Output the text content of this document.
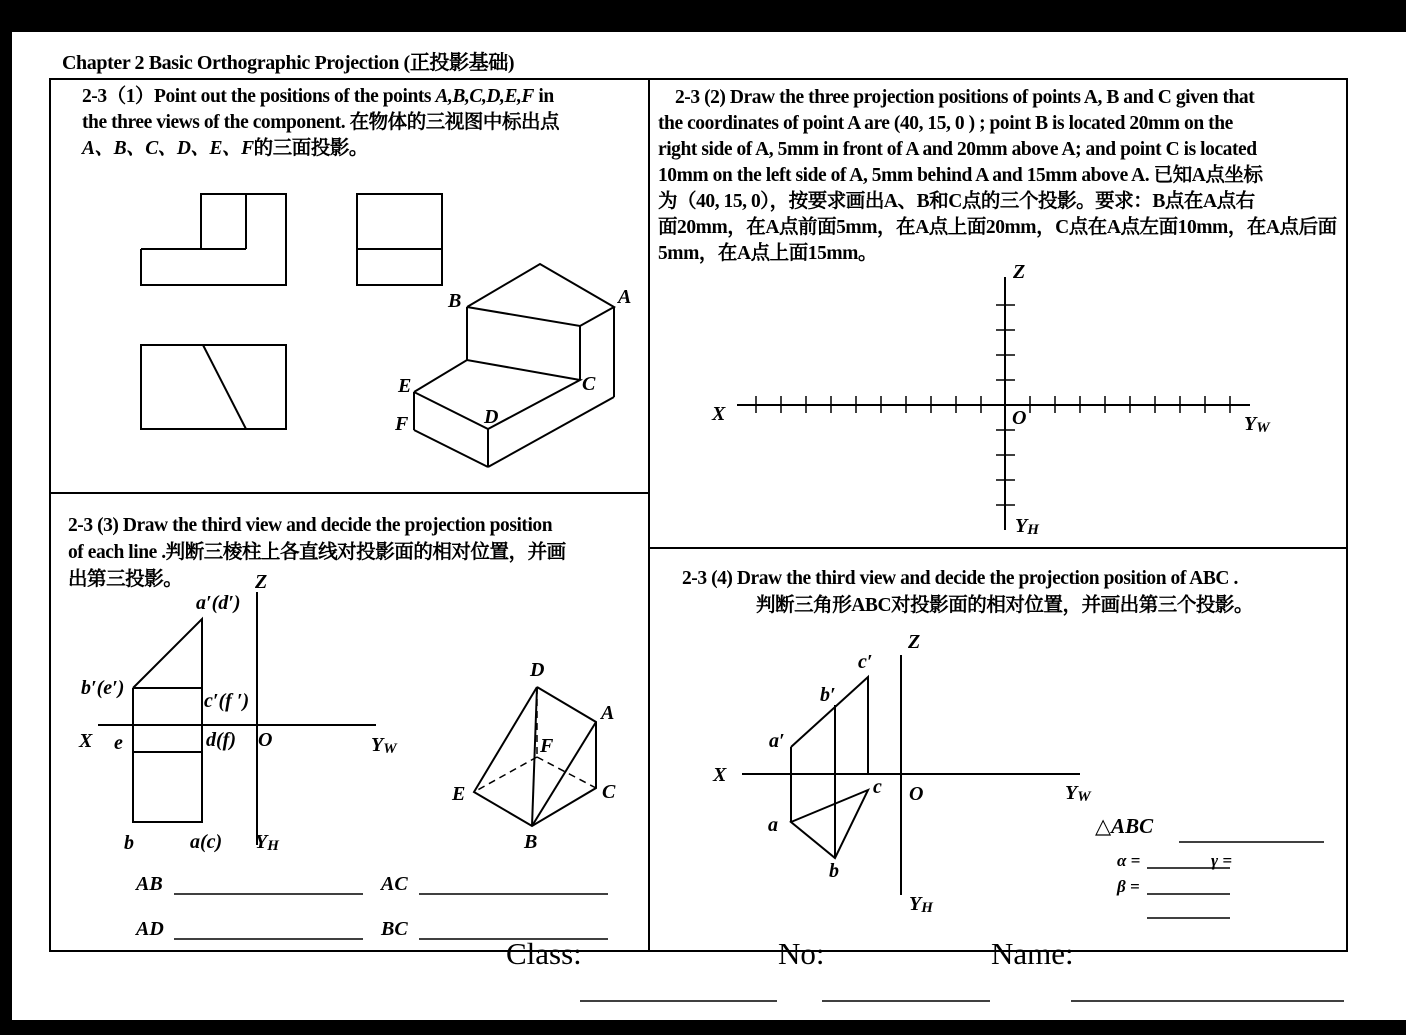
Chapter 2 Basic Orthographic Projection (正投影基础)
2-3（1）Point out the positions of the points A,B,C,D,E,F in
the three views of the component. 在物体的三视图中标出点
A、B、C、D、E、F的三面投影。
2-3 (2) Draw the three projection positions of points A, B and C given that
the coordinates of point A are (40, 15, 0 ) ; point B is located 20mm on the
right side of A, 5mm in front of A and 20mm above A; and point C is located
10mm on the left side of A, 5mm behind A and 15mm above A. 已知A点坐标
为（40, 15, 0），按要求画出A、B和C点的三个投影。要求：B点在A点右
面20mm，在A点前面5mm，在A点上面20mm，C点在A点左面10mm，在A点后面
5mm，在A点上面15mm。
2-3 (3) Draw the third view and decide the projection position
of each line .判断三棱柱上各直线对投影面的相对位置，并画
出第三投影。	2-3 (4) Draw the third view and decide the projection position of ABC .
判断三角形ABC对投影面的相对位置，并画出第三个投影。
B	A
E	C
D
F
Z
X	O	YW
YH
Z
a′(d′)
b′(e′)
c′(f ′)
X e	d(f) O	YW
b	a(c) YH
D
A
F
E	C
B
AB	AC
AD	BC
Z
c′
b′
a′
X
c O	YW
a
b
YH
△ABC
α =	γ =
β =
Class:	No:	Name:
